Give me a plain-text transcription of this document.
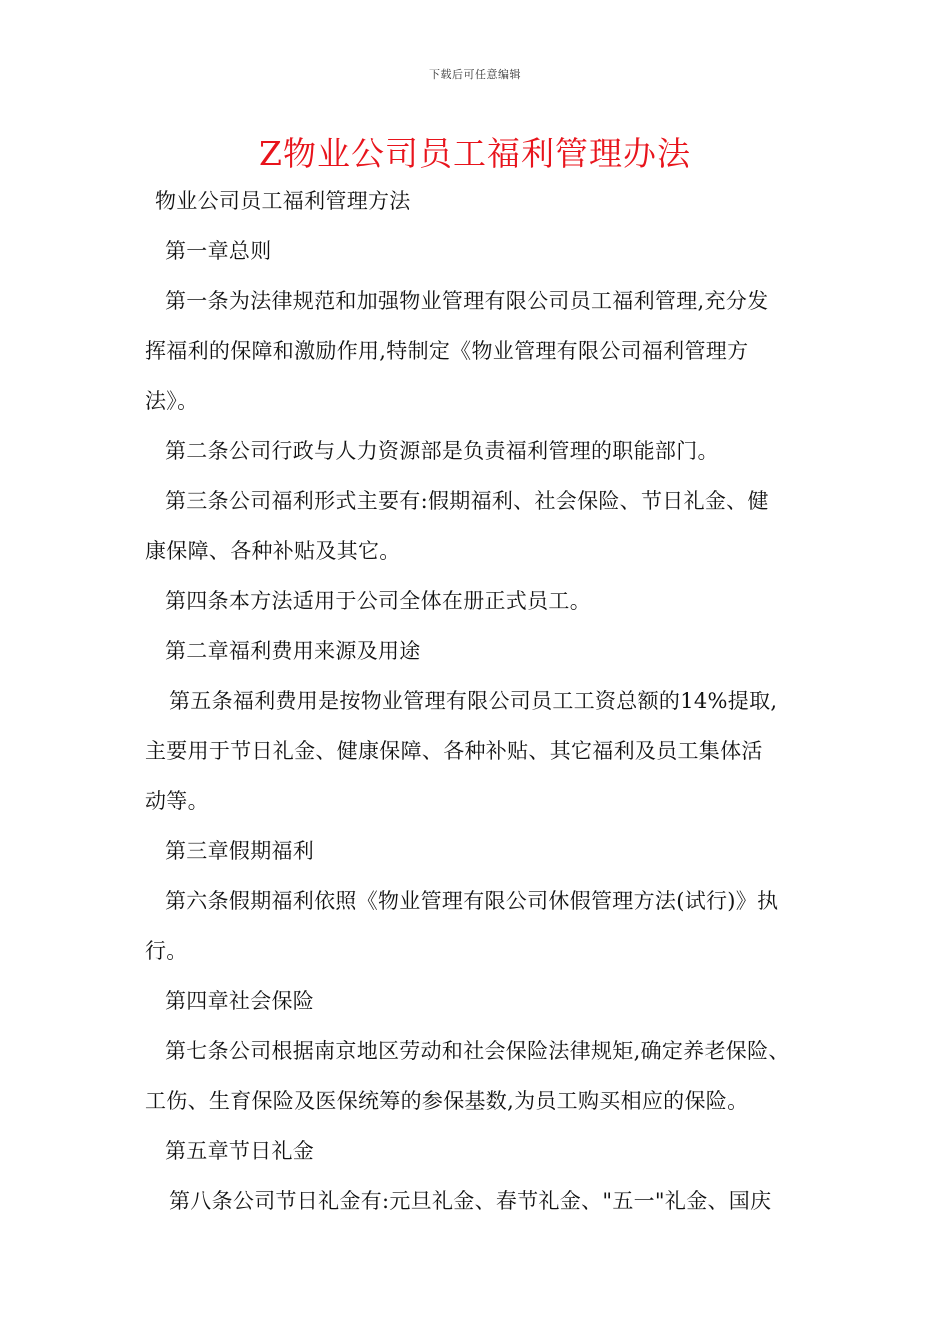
下载后可任意编辑
Z物业公司员工福利管理办法
物业公司员工福利管理方法
第一章总则
第一条为法律规范和加强物业管理有限公司员工福利管理,充分发
挥福利的保障和激励作用,特制定《物业管理有限公司福利管理方
法》。
第二条公司行政与人力资源部是负责福利管理的职能部门。
第三条公司福利形式主要有:假期福利、社会保险、节日礼金、健
康保障、各种补贴及其它。
第四条本方法适用于公司全体在册正式员工。
第二章福利费用来源及用途
第五条福利费用是按物业管理有限公司员工工资总额的14%提取,
主要用于节日礼金、健康保障、各种补贴、其它福利及员工集体活
动等。
第三章假期福利
第六条假期福利依照《物业管理有限公司休假管理方法(试行)》执
行。
第四章社会保险
第七条公司根据南京地区劳动和社会保险法律规矩,确定养老保险、
工伤、生育保险及医保统筹的参保基数,为员工购买相应的保险。
第五章节日礼金
第八条公司节日礼金有:元旦礼金、春节礼金、"五一"礼金、国庆
